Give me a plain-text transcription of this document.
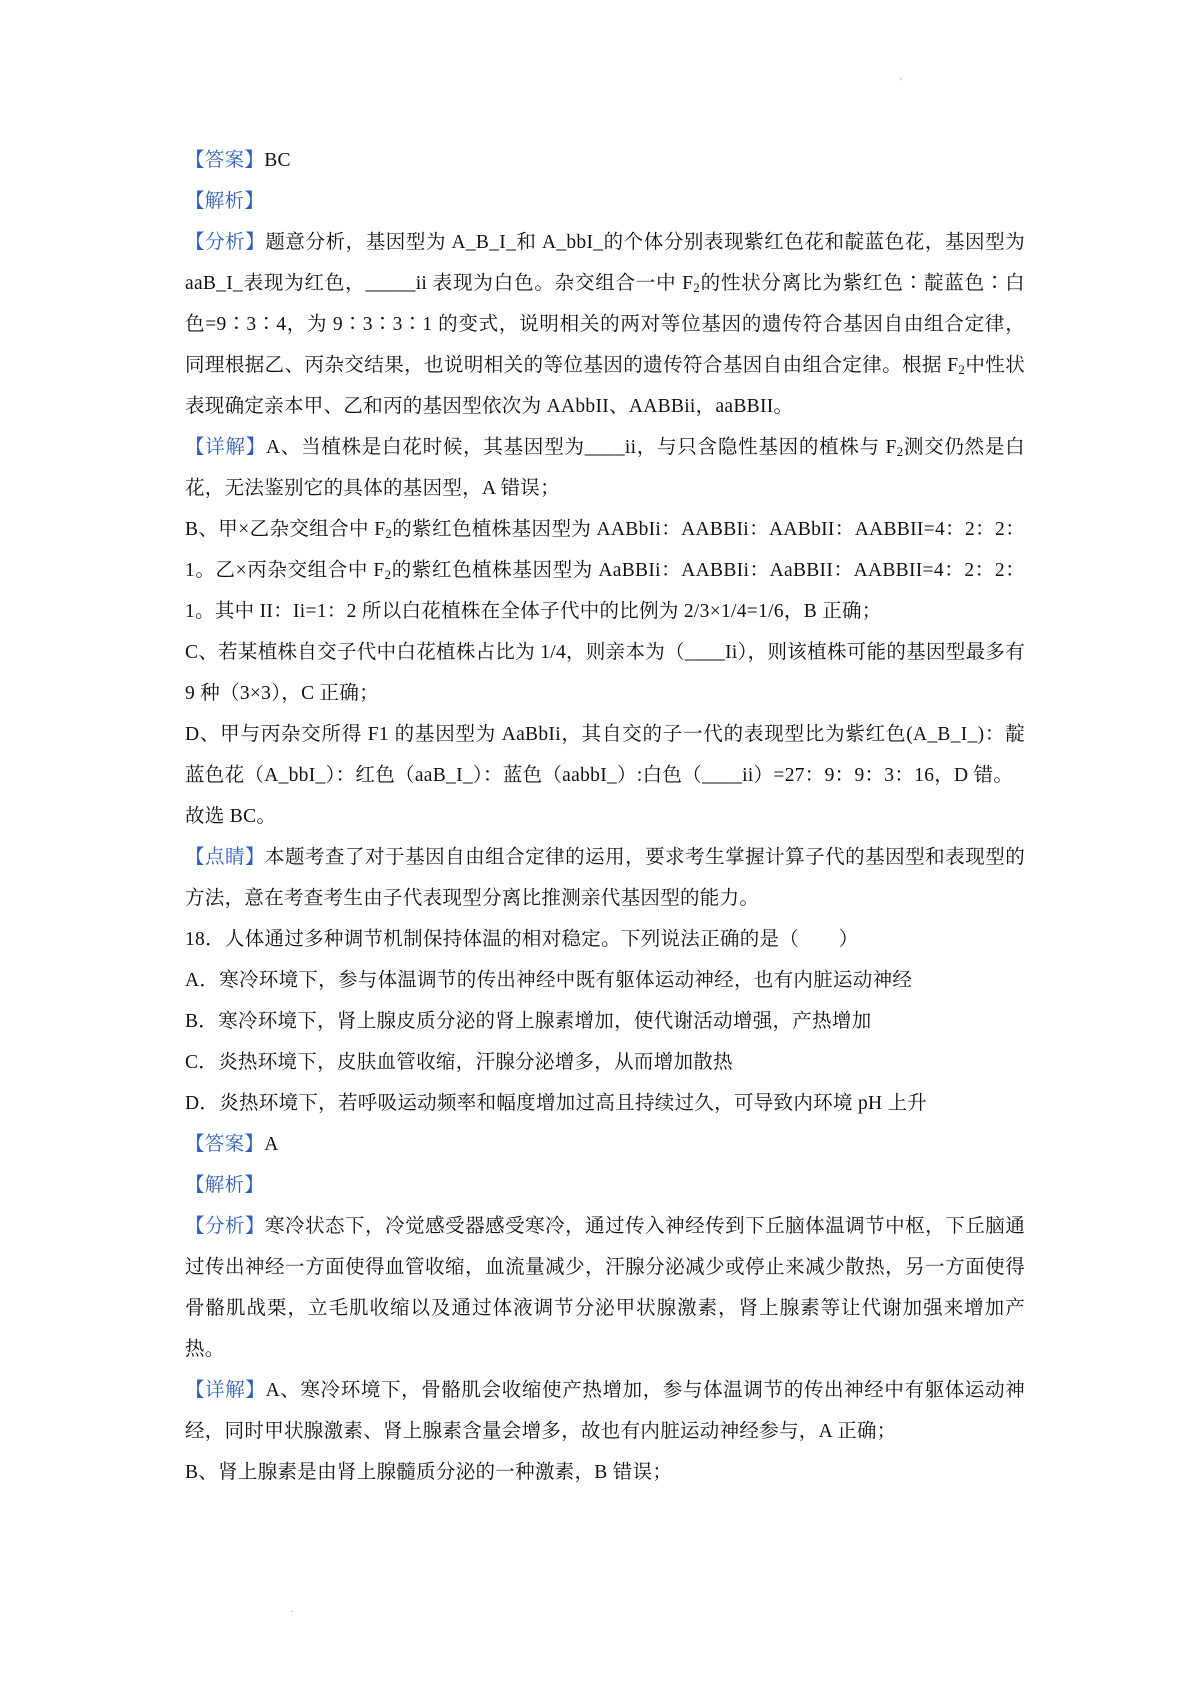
'
【答案】BC
【解析】

【分析】题意分析，基因型为 A_B_I_和 A_bbI_的个体分别表现紫红色花和靛蓝色花，基因型为 aaB_I_表现为红色，_____ii 表现为白色。杂交组合一中 $F_2$的性状分离比为紫红色∶靛蓝色∶白色=9∶3∶4，为 9∶3∶3∶1 的变式，说明相关的两对等位基因的遗传符合基因自由组合定律，同理根据乙、丙杂交结果，也说明相关的等位基因的遗传符合基因自由组合定律。根据 $F_2$中性状表现确定亲本甲、乙和丙的基因型依次为 AAbbII、AABBii，aaBBII。

【详解】A、当植株是白花时候，其基因型为____ii，与只含隐性基因的植株与 $F_2$测交仍然是白花，无法鉴别它的具体的基因型，A 错误；

B、甲×乙杂交组合中 $F_2$的紫红色植株基因型为 AABbIi：AABBIi：AABbII：AABBII=4：2：2：1。乙×丙杂交组合中 $F_2$的紫红色植株基因型为 AaBBIi：AABBIi：AaBBII：AABBII=4：2：2：1。其中 II：Ii=1：2 所以白花植株在全体子代中的比例为 2/3×1/4=1/6，B 正确；

C、若某植株自交子代中白花植株占比为 1/4，则亲本为（____Ii），则该植株可能的基因型最多有 9 种（3×3），C 正确；

D、甲与丙杂交所得 F1 的基因型为 AaBbIi，其自交的子一代的表现型比为紫红色(A_B_I_)：靛蓝色花（A_bbI_）：红色（aaB_I_）：蓝色（aabbI_）:白色（____ii）=27：9：9：3：16，D 错。

故选 BC。

【点睛】本题考查了对于基因自由组合定律的运用，要求考生掌握计算子代的基因型和表现型的方法，意在考查考生由子代表现型分离比推测亲代基因型的能力。

18．人体通过多种调节机制保持体温的相对稳定。下列说法正确的是（　　）
A．寒冷环境下，参与体温调节的传出神经中既有躯体运动神经，也有内脏运动神经
B．寒冷环境下，肾上腺皮质分泌的肾上腺素增加，使代谢活动增强，产热增加
C．炎热环境下，皮肤血管收缩，汗腺分泌增多，从而增加散热
D．炎热环境下，若呼吸运动频率和幅度增加过高且持续过久，可导致内环境 pH 上升
【答案】A
【解析】

【分析】寒冷状态下，冷觉感受器感受寒冷，通过传入神经传到下丘脑体温调节中枢，下丘脑通过传出神经一方面使得血管收缩，血流量减少，汗腺分泌减少或停止来减少散热，另一方面使得骨骼肌战栗，立毛肌收缩以及通过体液调节分泌甲状腺激素，肾上腺素等让代谢加强来增加产热。

【详解】A、寒冷环境下，骨骼肌会收缩使产热增加，参与体温调节的传出神经中有躯体运动神经，同时甲状腺激素、肾上腺素含量会增多，故也有内脏运动神经参与，A 正确；

B、肾上腺素是由肾上腺髓质分泌的一种激素，B 错误；

·
